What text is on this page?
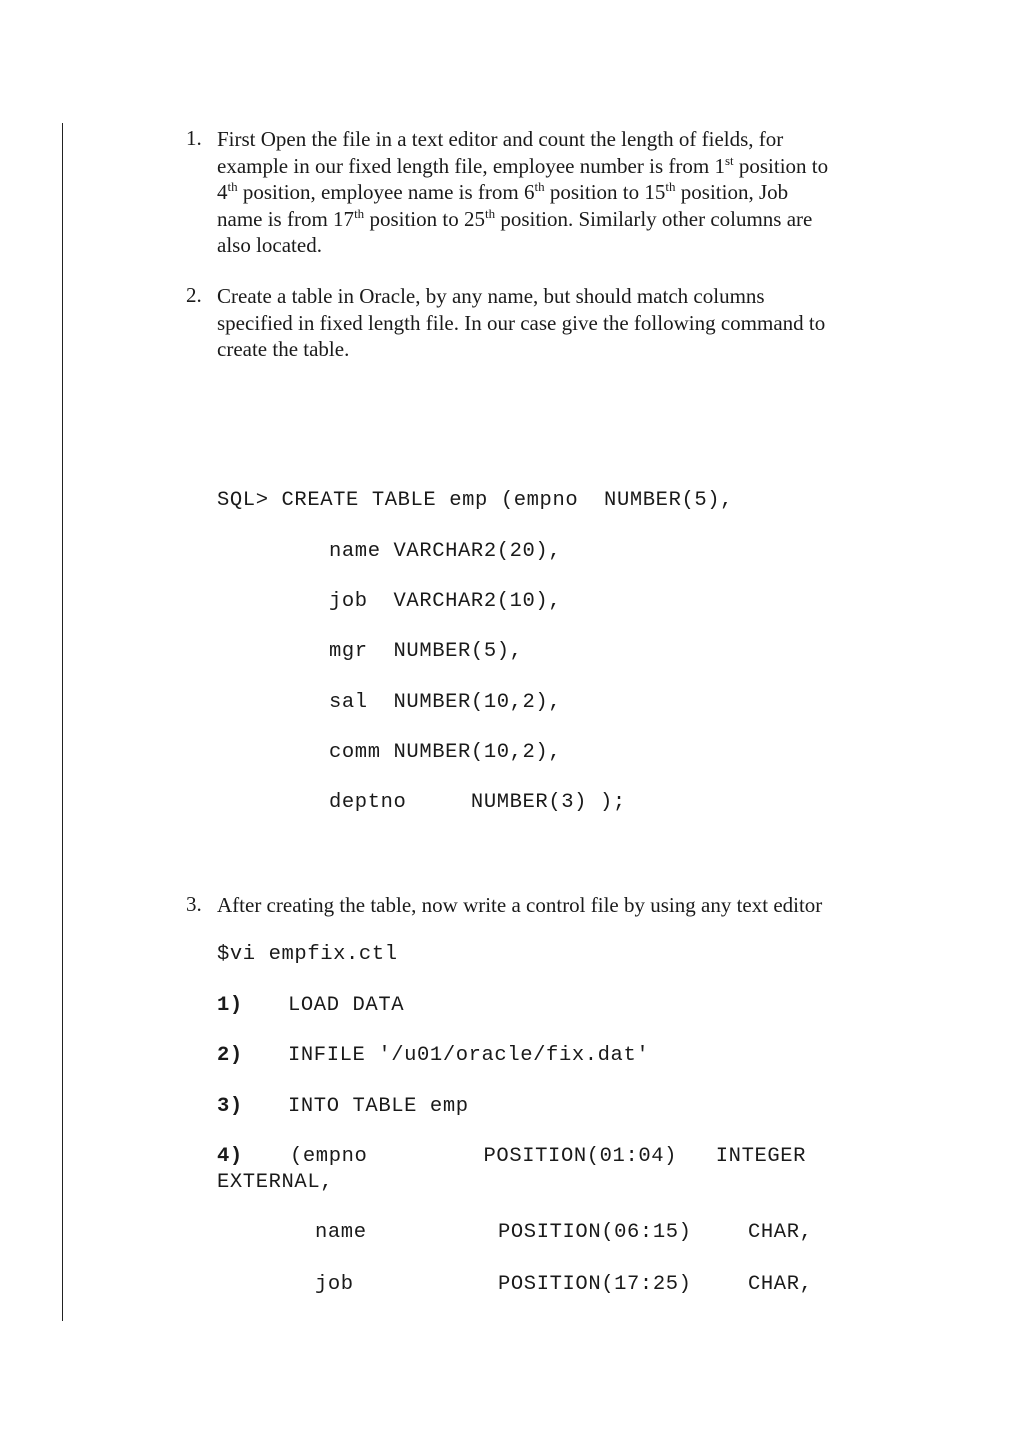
1. First Open the file in a text editor and count the length of fields, for
example in our fixed length file, employee number is from 1st position to
4th position, employee name is from 6th position to 15th position, Job
name is from 17th position to 25th position. Similarly other columns are
also located.
2. Create a table in Oracle, by any name, but should match columns
specified in fixed length file. In our case give the following command to
create the table.
SQL> CREATE TABLE emp (empno  NUMBER(5),
name VARCHAR2(20),
job  VARCHAR2(10),
mgr  NUMBER(5),
sal  NUMBER(10,2),
comm NUMBER(10,2),
deptno     NUMBER(3) );
3. After creating the table, now write a control file by using any text editor
$vi empfix.ctl
1) LOAD DATA
2) INFILE '/u01/oracle/fix.dat'
3) INTO TABLE emp
4) (empno         POSITION(01:04)   INTEGER
EXTERNAL,
name	POSITION(06:15)	CHAR,
job	POSITION(17:25)	CHAR,
